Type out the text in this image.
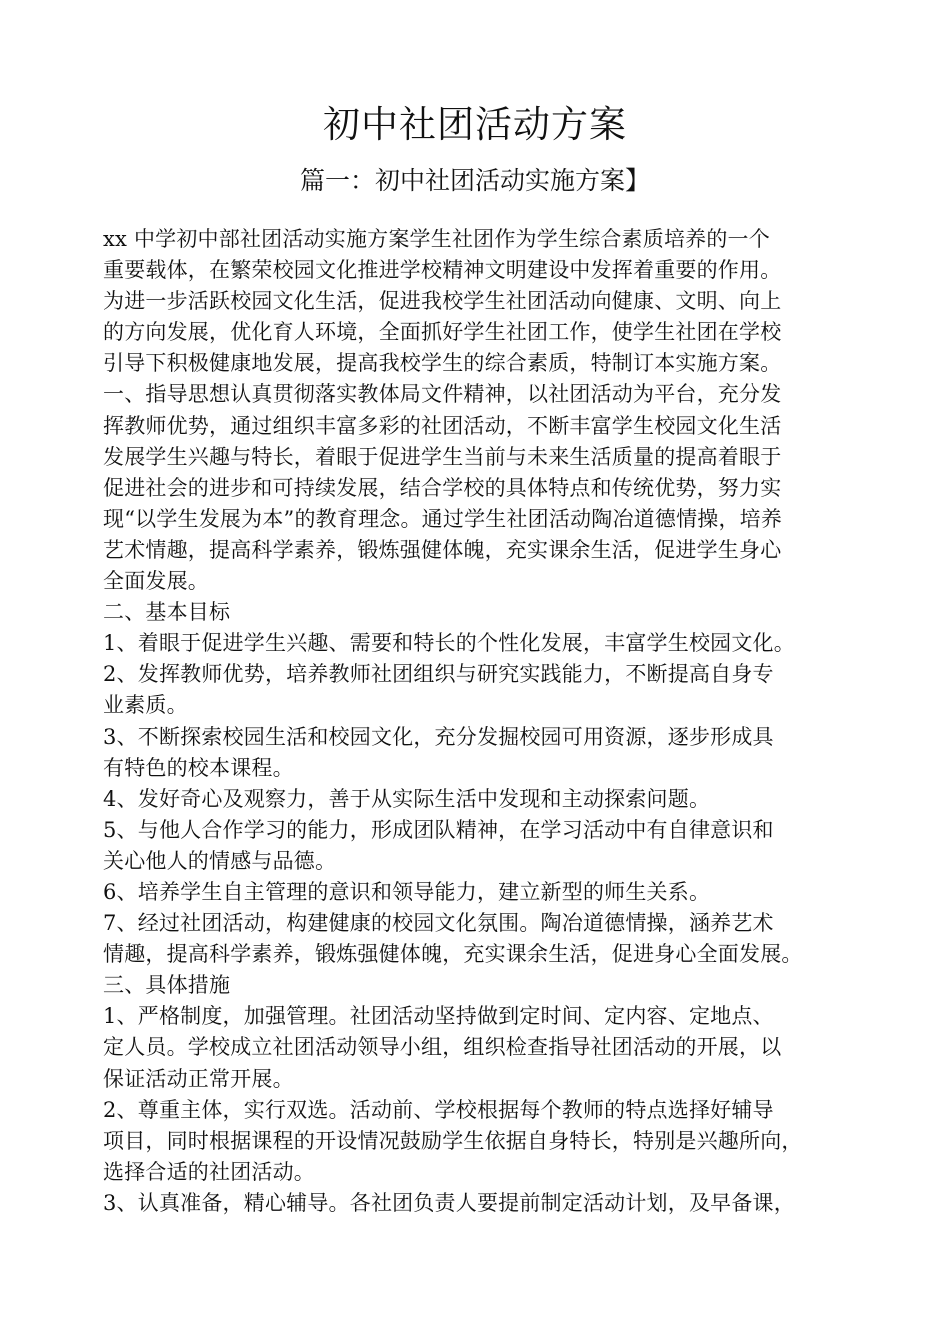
初中社团活动方案
篇一：初中社团活动实施方案】
xx 中学初中部社团活动实施方案学生社团作为学生综合素质培养的一个
重要载体，在繁荣校园文化推进学校精神文明建设中发挥着重要的作用。
为进一步活跃校园文化生活，促进我校学生社团活动向健康、文明、向上
的方向发展，优化育人环境，全面抓好学生社团工作，使学生社团在学校
引导下积极健康地发展，提高我校学生的综合素质，特制订本实施方案。
一、指导思想认真贯彻落实教体局文件精神，以社团活动为平台，充分发
挥教师优势，通过组织丰富多彩的社团活动，不断丰富学生校园文化生活
发展学生兴趣与特长，着眼于促进学生当前与未来生活质量的提高着眼于
促进社会的进步和可持续发展，结合学校的具体特点和传统优势，努力实
现“以学生发展为本”的教育理念。通过学生社团活动陶冶道德情操，培养
艺术情趣，提高科学素养，锻炼强健体魄，充实课余生活，促进学生身心
全面发展。
二、基本目标
1、着眼于促进学生兴趣、需要和特长的个性化发展，丰富学生校园文化。
2、发挥教师优势，培养教师社团组织与研究实践能力，不断提高自身专
业素质。
3、不断探索校园生活和校园文化，充分发掘校园可用资源，逐步形成具
有特色的校本课程。
4、发好奇心及观察力，善于从实际生活中发现和主动探索问题。
5、与他人合作学习的能力，形成团队精神，在学习活动中有自律意识和
关心他人的情感与品德。
6、培养学生自主管理的意识和领导能力，建立新型的师生关系。
7、经过社团活动，构建健康的校园文化氛围。陶冶道德情操，涵养艺术
情趣，提高科学素养，锻炼强健体魄，充实课余生活，促进身心全面发展。
三、具体措施
1、严格制度，加强管理。社团活动坚持做到定时间、定内容、定地点、
定人员。学校成立社团活动领导小组，组织检查指导社团活动的开展，以
保证活动正常开展。
2、尊重主体，实行双选。活动前、学校根据每个教师的特点选择好辅导
项目，同时根据课程的开设情况鼓励学生依据自身特长，特别是兴趣所向，
选择合适的社团活动。
3、认真准备，精心辅导。各社团负责人要提前制定活动计划，及早备课，
